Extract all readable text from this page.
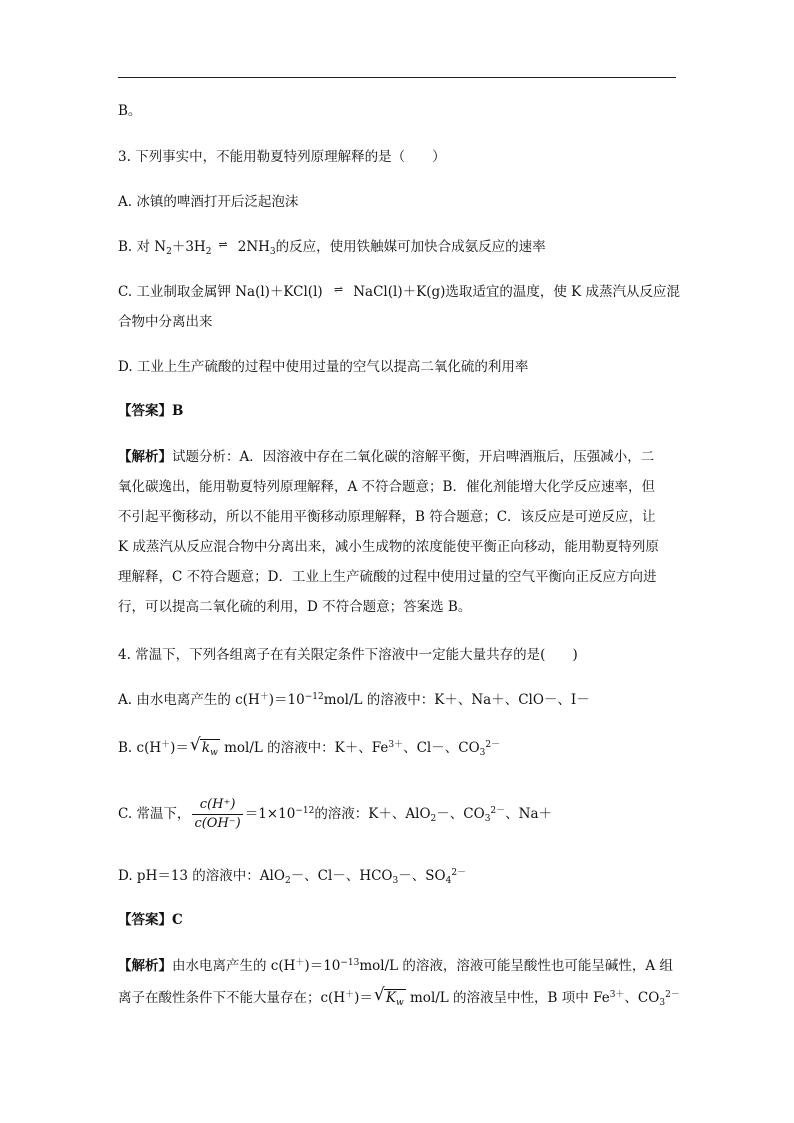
B。
3. 下列事实中，不能用勒夏特列原理解释的是（　　）
A. 冰镇的啤酒打开后泛起泡沫
B. 对 $N_2+3H_2\rightleftharpoons$ $2NH_3$的反应，使用铁触媒可加快合成氨反应的速率
C. 工业制取金属钾 Na(l)＋KCl(l) ⇌ NaCl(l)＋K(g)选取适宜的温度，使 K 成蒸汽从反应混
合物中分离出来
D. 工业上生产硫酸的过程中使用过量的空气以提高二氧化硫的利用率
【答案】B
【解析】试题分析：A．因溶液中存在二氧化碳的溶解平衡，开启啤酒瓶后，压强减小，二
氧化碳逸出，能用勒夏特列原理解释，A 不符合题意；B．催化剂能增大化学反应速率，但
不引起平衡移动，所以不能用平衡移动原理解释，B 符合题意；C．该反应是可逆反应，让
K 成蒸汽从反应混合物中分离出来，减小生成物的浓度能使平衡正向移动，能用勒夏特列原
理解释，C 不符合题意；D．工业上生产硫酸的过程中使用过量的空气平衡向正反应方向进
行，可以提高二氧化硫的利用，D 不符合题意；答案选 B。
4. 常温下，下列各组离子在有关限定条件下溶液中一定能大量共存的是(　　)
A. 由水电离产生的 $c(H^+)=10^{-12}mol/L$ 的溶液中：K＋、Na＋、ClO－、I－
B. c(H＋)＝ √ $k_w$ mol/L 的溶液中：K＋、$Fe^{3+}$、Cl－、$CO_3^{2-}$
C. 常温下， $\frac{c(H^+)}{c(OH^-)} =1\times 10^{-12}$的溶液：K＋、AlO$_2$－、$CO_3^{2-}$、Na＋
D. pH＝13 的溶液中：AlO$_2$－、Cl－、$HCO_3-$、$SO_4^{2-}$
【答案】C
【解析】由水电离产生的 $c(H^+)=10^{-13}mol/L$ 的溶液，溶液可能呈酸性也可能呈碱性，A 组
离子在酸性条件下不能大量存在；c(H＋)＝ √ $K_w$ mol/L 的溶液呈中性，B 项中 $Fe^{3+}$、$CO_3^{2-}$
